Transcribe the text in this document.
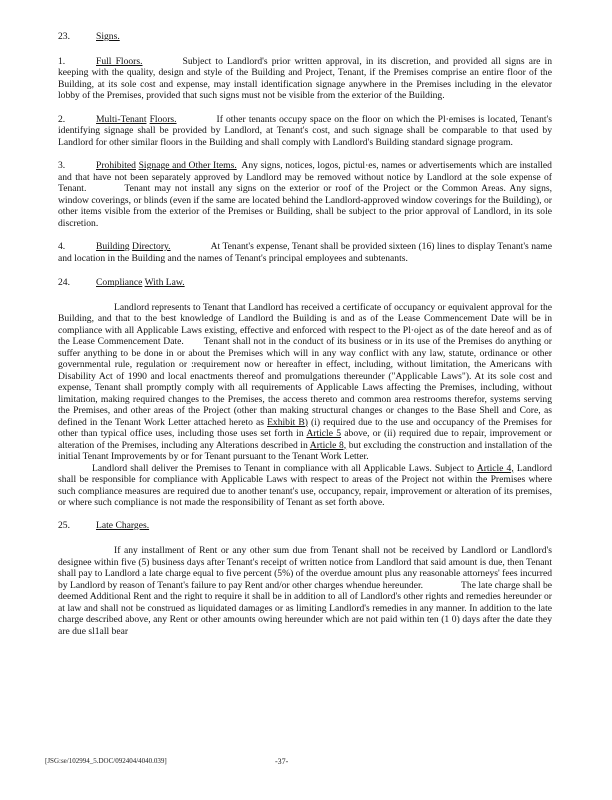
23.	Signs.

1.	Full Floors.	Subject to Landlord's prior written approval, in its discretion, and provided all signs are in keeping with the quality, design and style of the Building and Project, Tenant, if the Premises comprise an entire floor of the Building, at its sole cost and expense, may install identification signage anywhere in the Premises including in the elevator lobby of the Premises, provided that such signs must not be visible from the exterior of the Building.

2.	Multi-Tenant Floors.	If other tenants occupy space on the floor on which the Pl·emises is located, Tenant's identifying signage shall be provided by Landlord, at Tenant's cost, and such signage shall be comparable to that used by Landlord for other similar floors in the Building and shall comply with Landlord's Building standard signage program.

3.	Prohibited Signage and Other Items. Any signs, notices, logos, pictul·es, names or advertisements which are installed and that have not been separately approved by Landlord may be removed without notice by Landlord at the sole expense of Tenant.	Tenant may not install any signs on the exterior or roof of the Project or the Common Areas. Any signs, window coverings, or blinds (even if the same are located behind the Landlord-approved window coverings for the Building), or other items visible from the exterior of the Premises or Building, shall be subject to the prior approval of Landlord, in its sole discretion.

4.	Building Directory.	At Tenant's expense, Tenant shall be provided sixteen (16) lines to display Tenant's name and location in the Building and the names of Tenant's principal employees and subtenants.

24.	Compliance With Law.

Landlord represents to Tenant that Landlord has received a certificate of occupancy or equivalent approval for the Building, and that to the best knowledge of Landlord the Building is and as of the Lease Commencement Date will be in compliance with all Applicable Laws existing, effective and enforced with respect to the Pl·oject as of the date hereof and as of the Lease Commencement Date. Tenant shall not in the conduct of its business or in its use of the Premises do anything or suffer anything to be done in or about the Premises which will in any way conflict with any law, statute, ordinance or other governmental rule, regulation or :requirement now or hereafter in effect, including, without limitation, the Americans with Disability Act of 1990 and local enactments thereof and promulgations thereunder ("Applicable Laws"). At its sole cost and expense, Tenant shall promptly comply with all requirements of Applicable Laws affecting the Premises, including, without limitation, making required changes to the Premises, the access thereto and common area restrooms therefor, systems serving the Premises, and other areas of the Project (other than making structural changes or changes to the Base Shell and Core, as defined in the Tenant Work Letter attached hereto as Exhibit B) (i) required due to the use and occupancy of the Premises for other than typical office uses, including those uses set forth in Article 5 above, or (ii) required due to repair, improvement or alteration of the Premises, including any Alterations described in Article 8, but excluding the construction and installation of the initial Tenant Improvements by or for Tenant pursuant to the Tenant Work Letter.

Landlord shall deliver the Premises to Tenant in compliance with all Applicable Laws. Subject to Article 4, Landlord shall be responsible for compliance with Applicable Laws with respect to areas of the Project not within the Premises where such compliance measures are required due to another tenant's use, occupancy, repair, improvement or alteration of its premises, or where such compliance is not made the responsibility of Tenant as set forth above.

25.	Late Charges.

If any installment of Rent or any other sum due from Tenant shall not be received by Landlord or Landlord's designee within five (5) business days after Tenant's receipt of written notice from Landlord that said amount is due, then Tenant shall pay to Landlord a late charge equal to five percent (5%) of the overdue amount plus any reasonable attorneys' fees incurred by Landlord by reason of Tenant's failure to pay Rent and/or other charges whendue hereunder.	The late charge shall be deemed Additional Rent and the right to require it shall be in addition to all of Landlord's other rights and remedies hereunder or at law and shall not be construed as liquidated damages or as limiting Landlord's remedies in any manner. In addition to the late charge described above, any Rent or other amounts owing hereunder which are not paid within ten (1 0) days after the date they are due sl1all bear

[JSG:se/102994_5.DOC/092404/4040.039]	-37-
